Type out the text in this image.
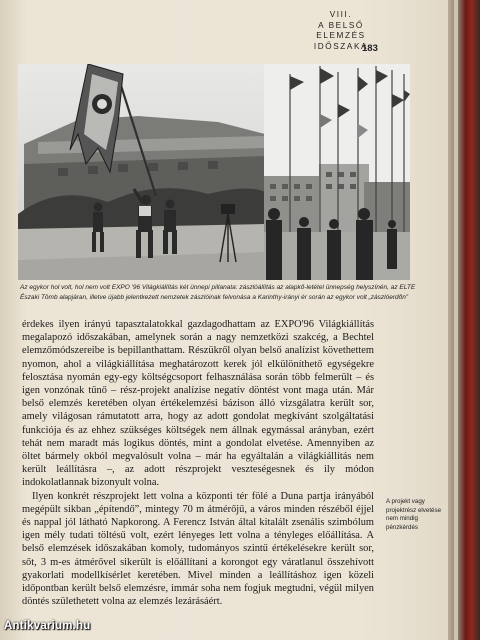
VIII.
A BELSŐ
ELEMZÉS
IDŐSZAKA
183
Az egykor hol volt, hol nem volt EXPO '96 Világkiállítás két ünnepi pillanata: zászlóállítás az alapkő-letétel ünnepség helyszínén, az ELTE Északi Tömb alapjáran, illetve újabb jelentkezett nemzetek zászlóinak felvonása a Karinthy-irányi ér során az egykor volt „zászlóerdőn”

érdekes ilyen irányú tapasztalatokkal gazdagodhattam az EXPO'96 Világkiállítás megalapozó időszakában, amelynek során a nagy nemzetközi szakcég, a Bechtel elemzőmódszereibe is bepillanthattam. Részükről olyan belső analízist követhettem nyomon, ahol a világkiállítása meghatározott kerek jól elkülöníthető egységekre felosztása nyomán egy-egy költségcsoport felhasználása során több felmerült – és igen vonzónak tűnő – rész-projekt analízise negatív döntést vont maga után. Már belső elemzés keretében olyan értékelemzési bázison álló vizsgálatra került sor, amely világosan rámutatott arra, hogy az adott gondolat megkívánt szolgáltatási funkciója és az ehhez szükséges költségek nem állnak egymással arányban, ezért tehát nem maradt más logikus döntés, mint a gondolat elvetése. Amennyiben az öltet bármely okból megvalósult volna – már ha egyáltalán a világkiállítás nem került leállításra –, az adott részprojekt veszteségesnek és ily módon indokolatlannak bizonyult volna.

Ilyen konkrét részprojekt lett volna a központi tér fölé a Duna partja irányából megépült sikban „építendő”, mintegy 70 m átmérőjű, a város minden részéből éjjel és nappal jól látható Napkorong. A Ferencz István által kitalált zsenális szimbólum igen mély tudati töltésű volt, ezért lényeges lett volna a tényleges előállítása. A belső elemzések időszakában komoly, tudományos szintű értékelésekre került sor, sőt, 3 m-es átmérővel sikerült is előállítani a korongot egy váratlanul összehívott gyakorlati modellkísérlet keretében. Mivel minden a leállításhoz igen közeli időpontban került belső elemzésre, immár soha nem fogjuk megtudni, végül milyen döntés születhetett volna az elemzés lezárásáért.

A projekt vagy projektrész elvetése nem mindig pénzkérdés
Antikvarium.hu
